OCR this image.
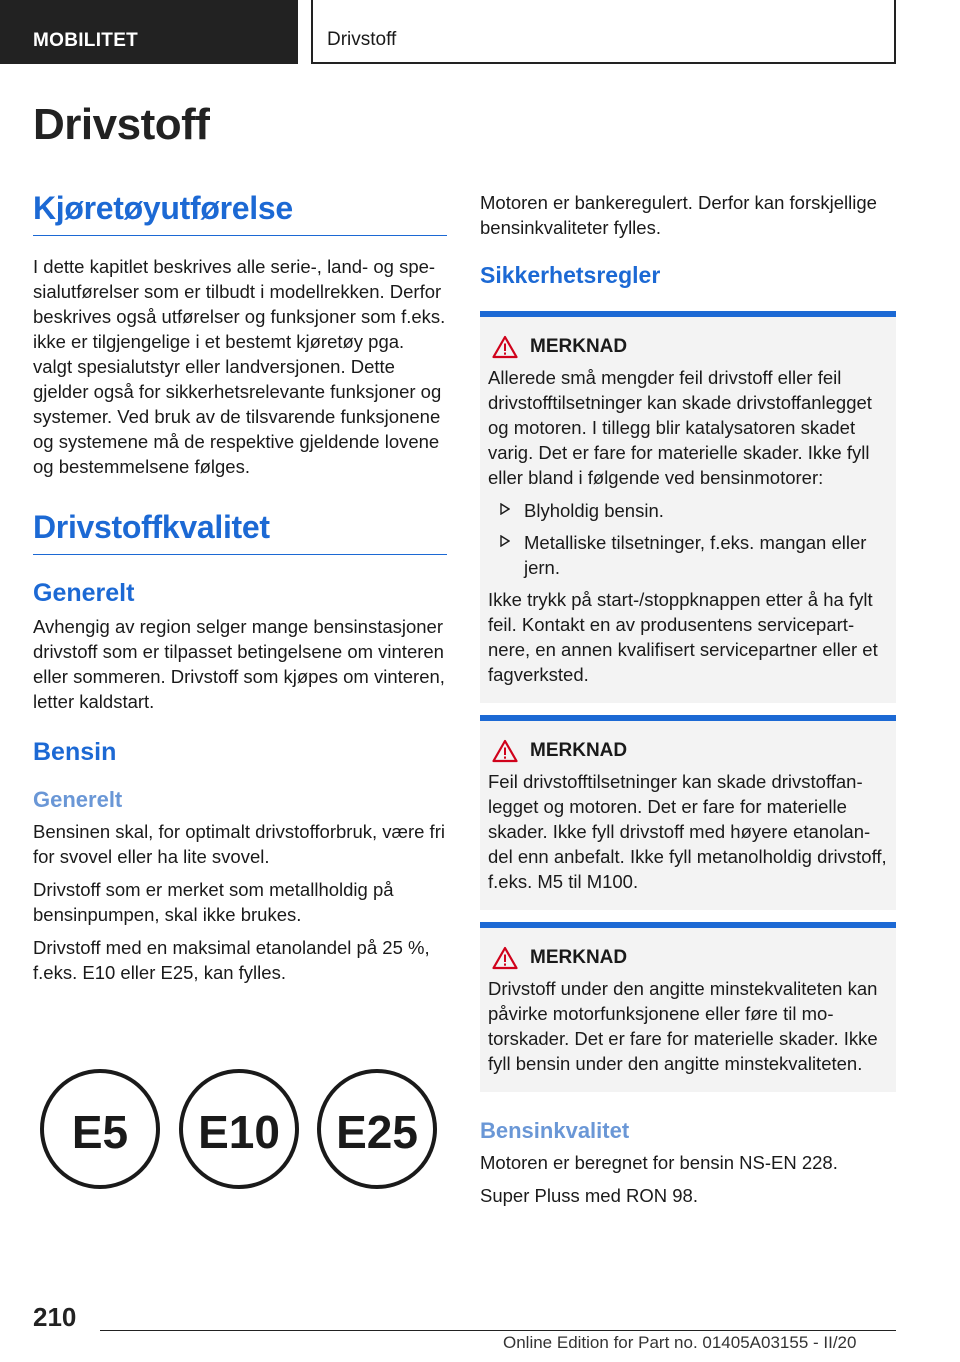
MOBILITET	Drivstoff
Drivstoff
Kjøretøyutførelse

I dette kapitlet beskrives alle serie-, land- og spesialutførelser som er tilbudt i modellrekken. Derfor beskrives også utførelser og funksjoner som f.eks. ikke er tilgjengelige i et bestemt kjøretøy pga. valgt spesialutstyr eller landversjonen. Dette gjelder også for sikkerhetsrelevante funksjoner og systemer. Ved bruk av de tilsvarende funksjonene og systemene må de respektive gjeldende lovene og bestemmelsene følges.

Drivstoffkvalitet
Generelt

Avhengig av region selger mange bensinstasjoner drivstoff som er tilpasset betingelsene om vinteren eller sommeren. Drivstoff som kjøpes om vinteren, letter kaldstart.

Bensin
Generelt

Bensinen skal, for optimalt drivstofforbruk, være fri for svovel eller ha lite svovel.

Drivstoff som er merket som metallholdig på bensinpumpen, skal ikke brukes.

Drivstoff med en maksimal etanolandel på 25 %, f.eks. E10 eller E25, kan fylles.

E5 E10 E25

Motoren er bankeregulert. Derfor kan forskjellige bensinkvaliteter fylles.

Sikkerhetsregler
MERKNAD

Allerede små mengder feil drivstoff eller feil drivstofftilsetninger kan skade drivstoffanlegget og motoren. I tillegg blir katalysatoren skadet varig. Det er fare for materielle skader. Ikke fyll eller bland i følgende ved bensinmotorer:

Blyholdig bensin.
Metalliske tilsetninger, f.eks. mangan eller jern.

Ikke trykk på start-/stoppknappen etter å ha fylt feil. Kontakt en av produsentens servicepartnere, en annen kvalifisert servicepartner eller et fagverksted.

MERKNAD

Feil drivstofftilsetninger kan skade drivstoffanlegget og motoren. Det er fare for materielle skader. Ikke fyll drivstoff med høyere etanolandel enn anbefalt. Ikke fyll metanolholdig drivstoff, f.eks. M5 til M100.

MERKNAD

Drivstoff under den angitte minstekvaliteten kan påvirke motorfunksjonene eller føre til motorskader. Det er fare for materielle skader. Ikke fyll bensin under den angitte minstekvaliteten.

Bensinkvalitet

Motoren er beregnet for bensin NS-EN 228.

Super Pluss med RON 98.

210
Online Edition for Part no. 01405A03155 - II/20
